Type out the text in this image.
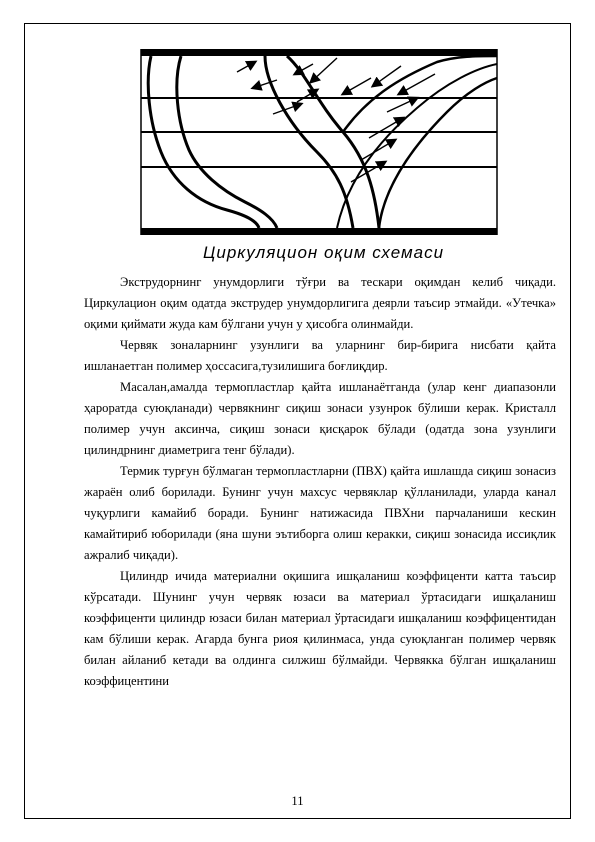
Циркуляцион оқим схемаси

Экструдорнинг унумдорлиги тўғри ва тескари оқимдан келиб чиқади. Циркулацион оқим одатда экструдер унумдорлигига деярли таъсир этмайди. «Утечка» оқими қиймати жуда кам бўлгани учун у ҳисобга олинмайди.

Червяк зоналарнинг узунлиги ва уларнинг бир-бирига нисбати қайта ишланаетган полимер ҳоссасига,тузилишига боғлиқдир.

Масалан,амалда термопластлар қайта ишланаётганда (улар кенг диапазонли ҳароратда суюқланади) червякнинг сиқиш зонаси узунрок бўлиши керак. Кристалл полимер учун аксинча, сиқиш зонаси қисқарок бўлади (одатда зона узунлиги цилиндрнинг диаметрига тенг бўлади).

Термик турғун бўлмаган термопластларни (ПВХ) қайта ишлашда сиқиш зонасиз жараён олиб борилади. Бунинг учун махсус червяклар қўлланилади, уларда канал чуқурлиги камайиб боради. Бунинг натижасида ПВХни парчаланиши кескин камайтириб юборилади (яна шуни эътиборга олиш керакки, сиқиш зонасида иссиқлик ажралиб чиқади).

Цилиндр ичида материални оқишига ишқаланиш коэффиценти катта таъсир кўрсатади. Шунинг учун червяк юзаси ва материал ўртасидаги ишқаланиш коэффиценти цилиндр юзаси билан материал ўртасидаги ишқаланиш коэффицентидан кам бўлиши керак. Агарда бунга риоя қилинмаса, унда суюқланган полимер червяк билан айланиб кетади ва олдинга силжиш бўлмайди. Червякка бўлган ишқаланиш коэффицентини

11
